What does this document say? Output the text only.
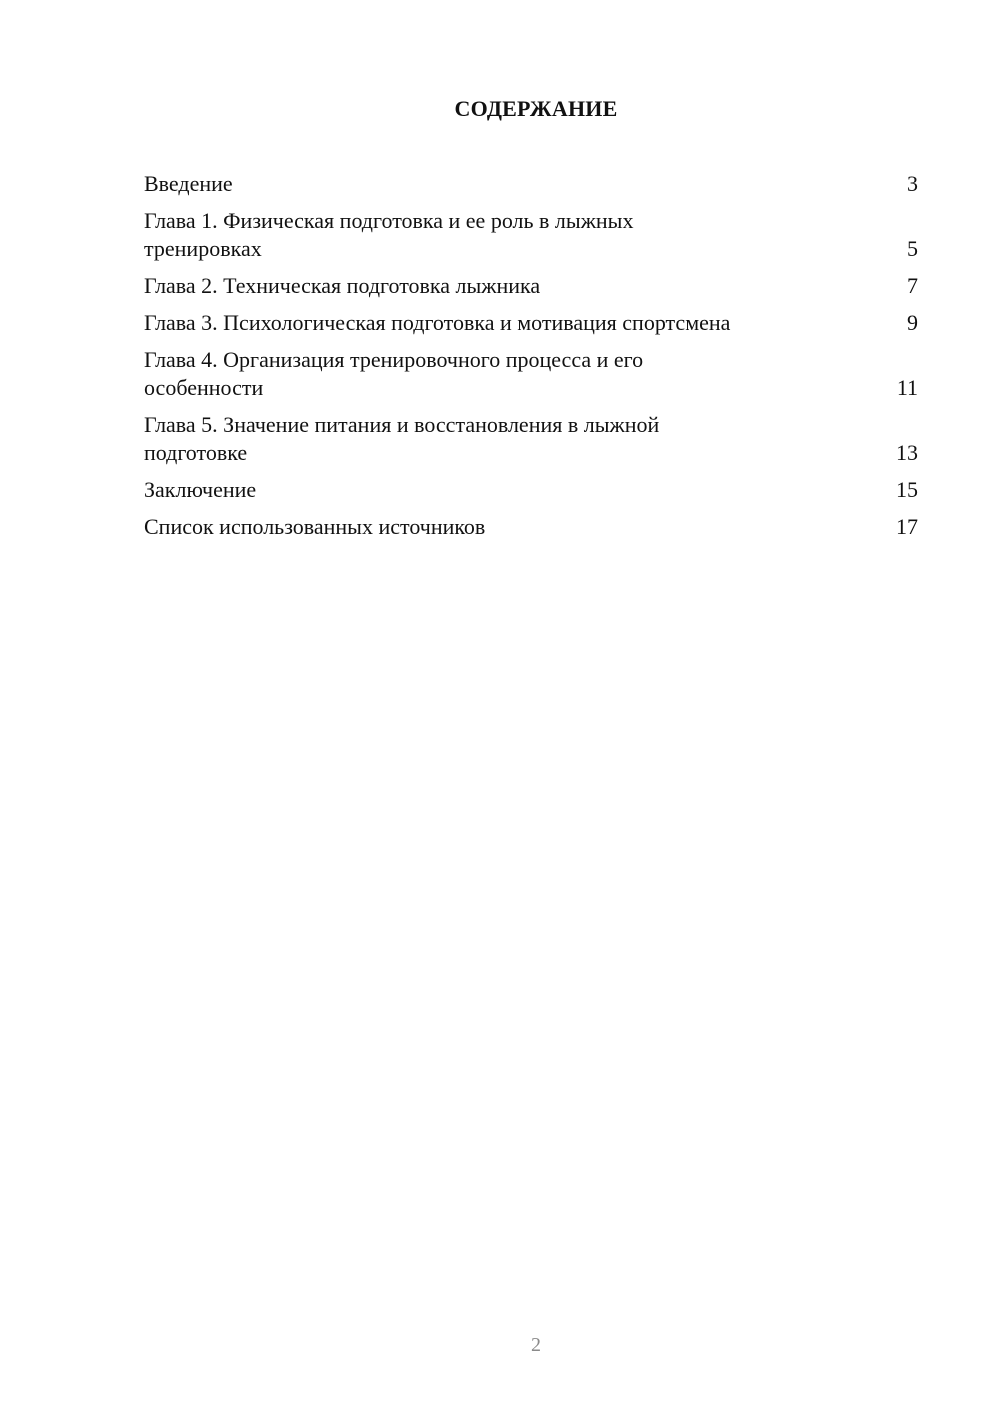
СОДЕРЖАНИЕ
Введение	3
Глава 1. Физическая подготовка и ее роль в лыжных тренировках	5
Глава 2. Техническая подготовка лыжника	7
Глава 3. Психологическая подготовка и мотивация спортсмена	9
Глава 4. Организация тренировочного процесса и его особенности	11
Глава 5. Значение питания и восстановления в лыжной подготовке	13
Заключение	15
Список использованных источников	17
2
